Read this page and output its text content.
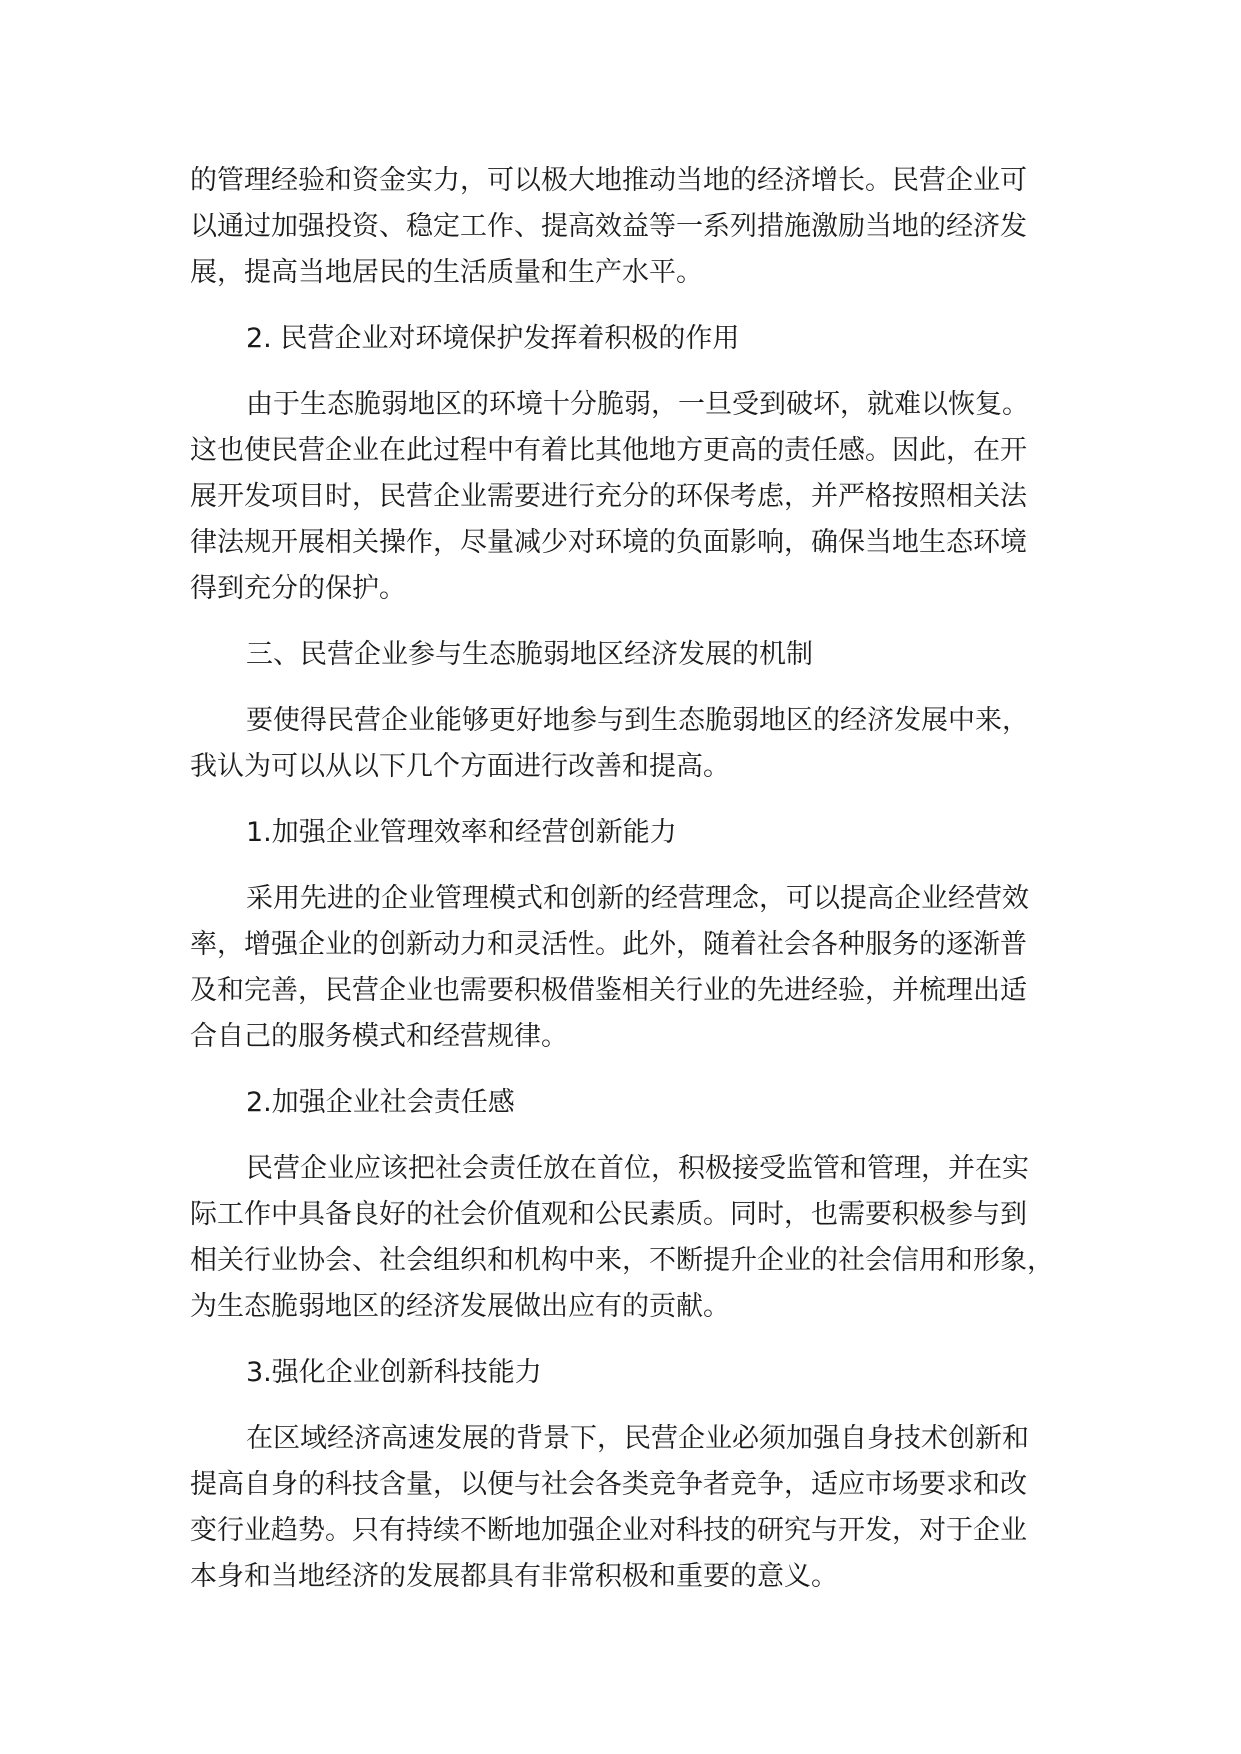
的管理经验和资金实力，可以极大地推动当地的经济增长。民营企业可
以通过加强投资、稳定工作、提高效益等一系列措施激励当地的经济发
展，提高当地居民的生活质量和生产水平。
2. 民营企业对环境保护发挥着积极的作用
由于生态脆弱地区的环境十分脆弱，一旦受到破坏，就难以恢复。
这也使民营企业在此过程中有着比其他地方更高的责任感。因此，在开
展开发项目时，民营企业需要进行充分的环保考虑，并严格按照相关法
律法规开展相关操作，尽量减少对环境的负面影响，确保当地生态环境
得到充分的保护。
三、民营企业参与生态脆弱地区经济发展的机制
要使得民营企业能够更好地参与到生态脆弱地区的经济发展中来，
我认为可以从以下几个方面进行改善和提高。
1.加强企业管理效率和经营创新能力
采用先进的企业管理模式和创新的经营理念，可以提高企业经营效
率，增强企业的创新动力和灵活性。此外，随着社会各种服务的逐渐普
及和完善，民营企业也需要积极借鉴相关行业的先进经验，并梳理出适
合自己的服务模式和经营规律。
2.加强企业社会责任感
民营企业应该把社会责任放在首位，积极接受监管和管理，并在实
际工作中具备良好的社会价值观和公民素质。同时，也需要积极参与到
相关行业协会、社会组织和机构中来，不断提升企业的社会信用和形象，
为生态脆弱地区的经济发展做出应有的贡献。
3.强化企业创新科技能力
在区域经济高速发展的背景下，民营企业必须加强自身技术创新和
提高自身的科技含量，以便与社会各类竞争者竞争，适应市场要求和改
变行业趋势。只有持续不断地加强企业对科技的研究与开发，对于企业
本身和当地经济的发展都具有非常积极和重要的意义。
